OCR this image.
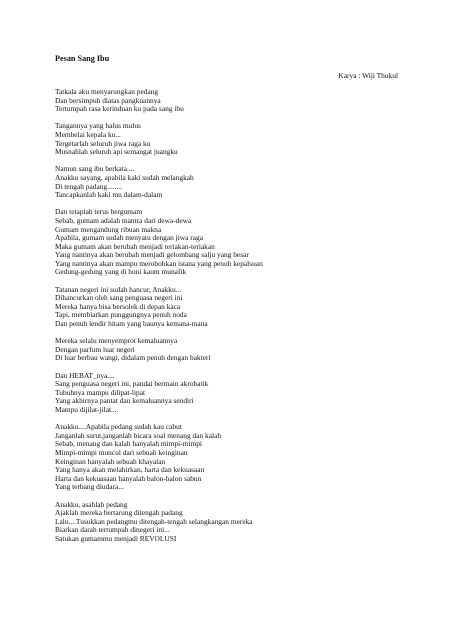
Pesan Sang Ibu
Karya : Wiji Thukul
Tatkala aku menyarungkan pedang
Dan bersimpuh diatas pangkuannya
Tertumpah rasa kerinduan ku pada sang ibu
Tangannya yang halus mulus
Membelai kepala ku...
Tergetarlah seluruh jiwa raga ku
Musnahlah seluruh api semangat juangku
Namun sang ibu berkata....
Anakku sayang, apabila kaki sudah melangkah
Di tengah padang........
Tancapkanlah kaki mu dalam-dalam
Dan tetaplah terus bergumam
Sebab, gumam adalah mantra dari dewa-dewa
Gumam mengandung ribuan makna
Apabila, gumam sudah menyatu dengan jiwa raga
Maka gumam akan berubah menjadi teriakan-teriakan
Yang nantinya akan berubah menjadi gelombang salju yang besar
Yang nantinya akan mampu merobohkan istana yang penuh kepalsuan
Gedung-gedung yang di huni kaum munafik
Tatanan negeri ini sudah hancur, Anakku...
Dihancurkan oleh sang penguasa negeri ini
Mereka hanya bisa bersolek di depan kaca
Tapi, membiarkan punggungnya penuh noda
Dan penuh lendir hitam yang baunya kemana-mana
Mereka selalu menyemprot kemaluannya
Dengan parfum luar negeri
Di luar berbau wangi, didalam penuh dengan bakteri
Dan HEBAT_nya....
Sang penguasa negeri ini, pandai bermain akrobatik
Tubuhnya mampu dilipat-lipat
Yang akhirnya pantat dan kemaluannya sendiri
Mampu dijilat-jilat....
Anakku....Apabila pedang sudah kau cabut
Janganlah surut,janganlah bicara soal menang dan kalah
Sebab, menang dan kalah hanyalah mimpi-mimpi
Mimpi-mimpi muncul dari sebuah keinginan
Keinginan hanyalah sebuah khayalan
Yang hanya akan melahirkan, harta dan kekuasaan
Harta dan kekuasaan hanyalah balon-balon sabun
Yang terbang diudara...
Anakku, asahlah pedang
Ajaklah mereka bertarung ditengah padang
Lalu....Tusukkan pedangmu ditengah-tengah selangkangan mereka
Biarkan darah tertumpah dinegeri ini...
Satukan gumammu menjadi REVOLUSI
